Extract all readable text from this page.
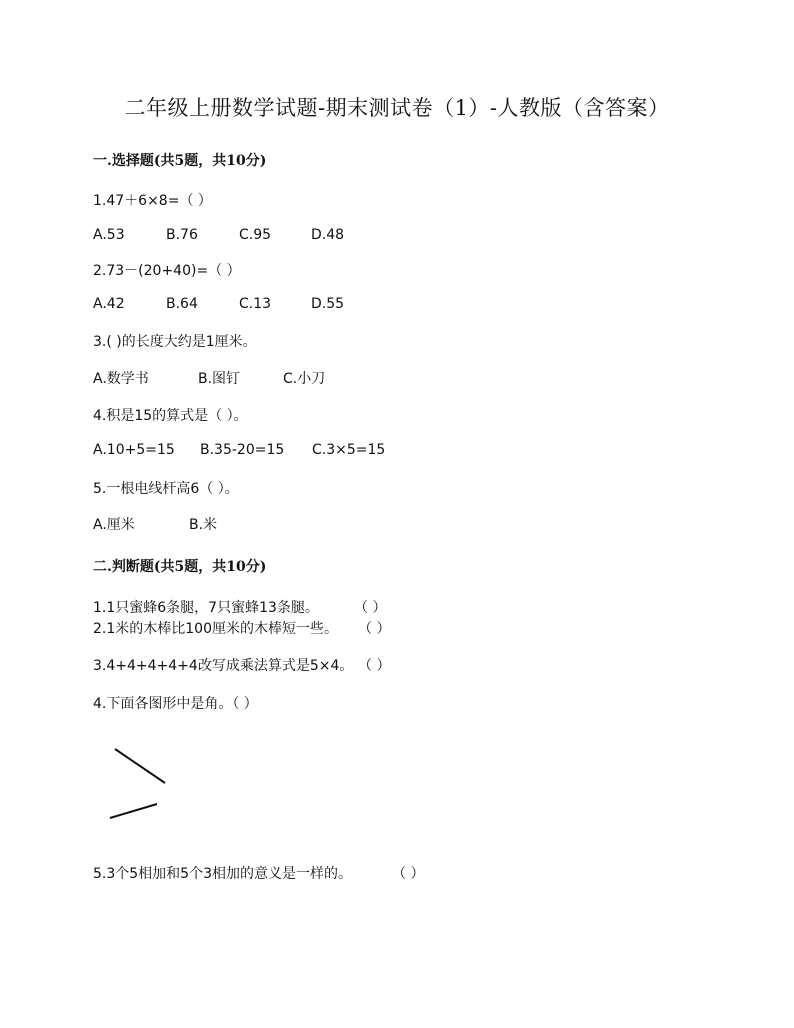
二年级上册数学试题-期末测试卷（1）-人教版（含答案）
一.选择题(共5题，共10分)
1.47＋6×8=（ ）
A.53	B.76	C.95	D.48
2.73－(20+40)=（ ）
A.42	B.64	C.13	D.55
3.( )的长度大约是1厘米。
A.数学书	B.图钉	C.小刀
4.积是15的算式是（ ）。
A.10+5=15 B.35-20=15 C.3×5=15
5.一根电线杆高6（ ）。
A.厘米	B.米
二.判断题(共5题，共10分)
1.1只蜜蜂6条腿，7只蜜蜂13条腿。	（ ）
2.1米的木棒比100厘米的木棒短一些。 （ ）
3.4+4+4+4+4改写成乘法算式是5×4。 （ ）
4.下面各图形中是角。（ ）
5.3个5相加和5个3相加的意义是一样的。	（ ）
